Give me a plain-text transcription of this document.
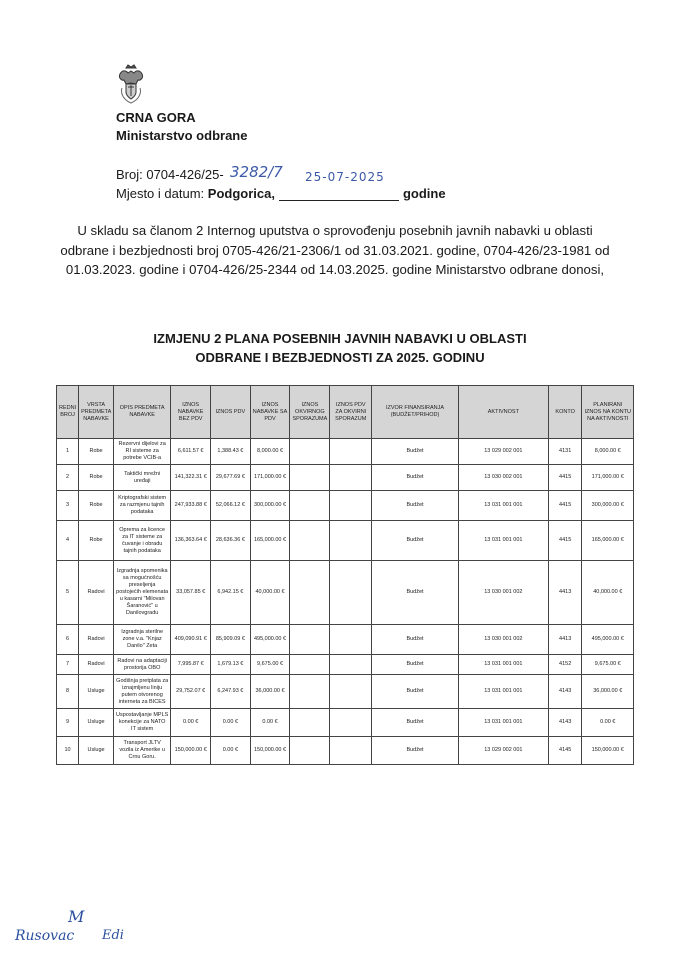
CRNA GORA
Ministarstvo odbrane
Broj: 0704-426/25- 3282/7 25-07-2025
Mjesto i datum: Podgorica,	godine
U skladu sa članom 2 Internog uputstva o sprovođenju posebnih javnih nabavki u oblasti odbrane i bezbjednosti broj 0705-426/21-2306/1 od 31.03.2021. godine, 0704-426/23-1981 od 01.03.2023. godine i 0704-426/25-2344 od 14.03.2025. godine Ministarstvo odbrane donosi,
IZMJENU 2 PLANA POSEBNIH JAVNIH NABAVKI U OBLASTI
ODBRANE I BEZBJEDNOSTI ZA 2025. GODINU
REDNI BROJ	VRSTA PREDMETA NABAVKE	OPIS PREDMETA NABAVKE	IZNOS NABAVKE BEZ PDV	IZNOS PDV	IZNOS NABAVKE SA PDV	IZNOS OKVIRNOG SPORAZUMA	IZNOS PDV ZA OKVIRNI SPORAZUM	IZVOR FINANSIRANJA (BUDŽET/PRIHOD)	AKTIVNOST	KONTO	PLANIRANI IZNOS NA KONTU NA AKTIVNOSTI
1	Robe	Rezervni dijelovi za RI sisteme za potrebe VCIB-a	6,611.57 €	1,388.43 €	8,000.00 €			Budžet	13 029 002 001	4131	8,000.00 €
2	Robe	Taktički mrežni uređaji	141,322.31 €	29,677.69 €	171,000.00 €			Budžet	13 030 002 001	4415	171,000.00 €
3	Robe	Kriptografski sistem za razmjenu tajnih podataka	247,933.88 €	52,066.12 €	300,000.00 €			Budžet	13 031 001 001	4415	300,000.00 €
4	Robe	Oprema za licence za IT sisteme za čuvanje i obradu tajnih podataka	136,363.64 €	28,636.36 €	165,000.00 €			Budžet	13 031 001 001	4415	165,000.00 €
5	Radovi	Izgradnja spomenika sa mogućnošću preseljenja postojećih elemenata u kasarni "Milovan Šaranović" u Danilovgradu	33,057.85 €	6,942.15 €	40,000.00 €			Budžet	13 030 001 002	4413	40,000.00 €
6	Radovi	Izgradnja sterilne zone v.a. "Knjaz Danilo" Zeta	409,090.91 €	85,909.09 €	495,000.00 €			Budžet	13 030 001 002	4413	495,000.00 €
7	Radovi	Radovi na adaptaciji prostorija OBO	7,995.87 €	1,679.13 €	9,675.00 €			Budžet	13 031 001 001	4152	9,675.00 €
8	Usluge	Godišnja pretplata za iznajmljenu liniju putem otvorenog interneta za BICES	29,752.07 €	6,247.93 €	36,000.00 €			Budžet	13 031 001 001	4143	36,000.00 €
9	Usluge	Uspostavljanje MPLS konekcije za NATO IT sistem	0.00 €	0.00 €	0.00 €			Budžet	13 031 001 001	4143	0.00 €
10	Usluge	Transport JLTV vozila iz Amerike u Crnu Goru.	150,000.00 €	0.00 €	150,000.00 €			Budžet	13 029 002 001	4145	150,000.00 €
M
Rusovac Edi
